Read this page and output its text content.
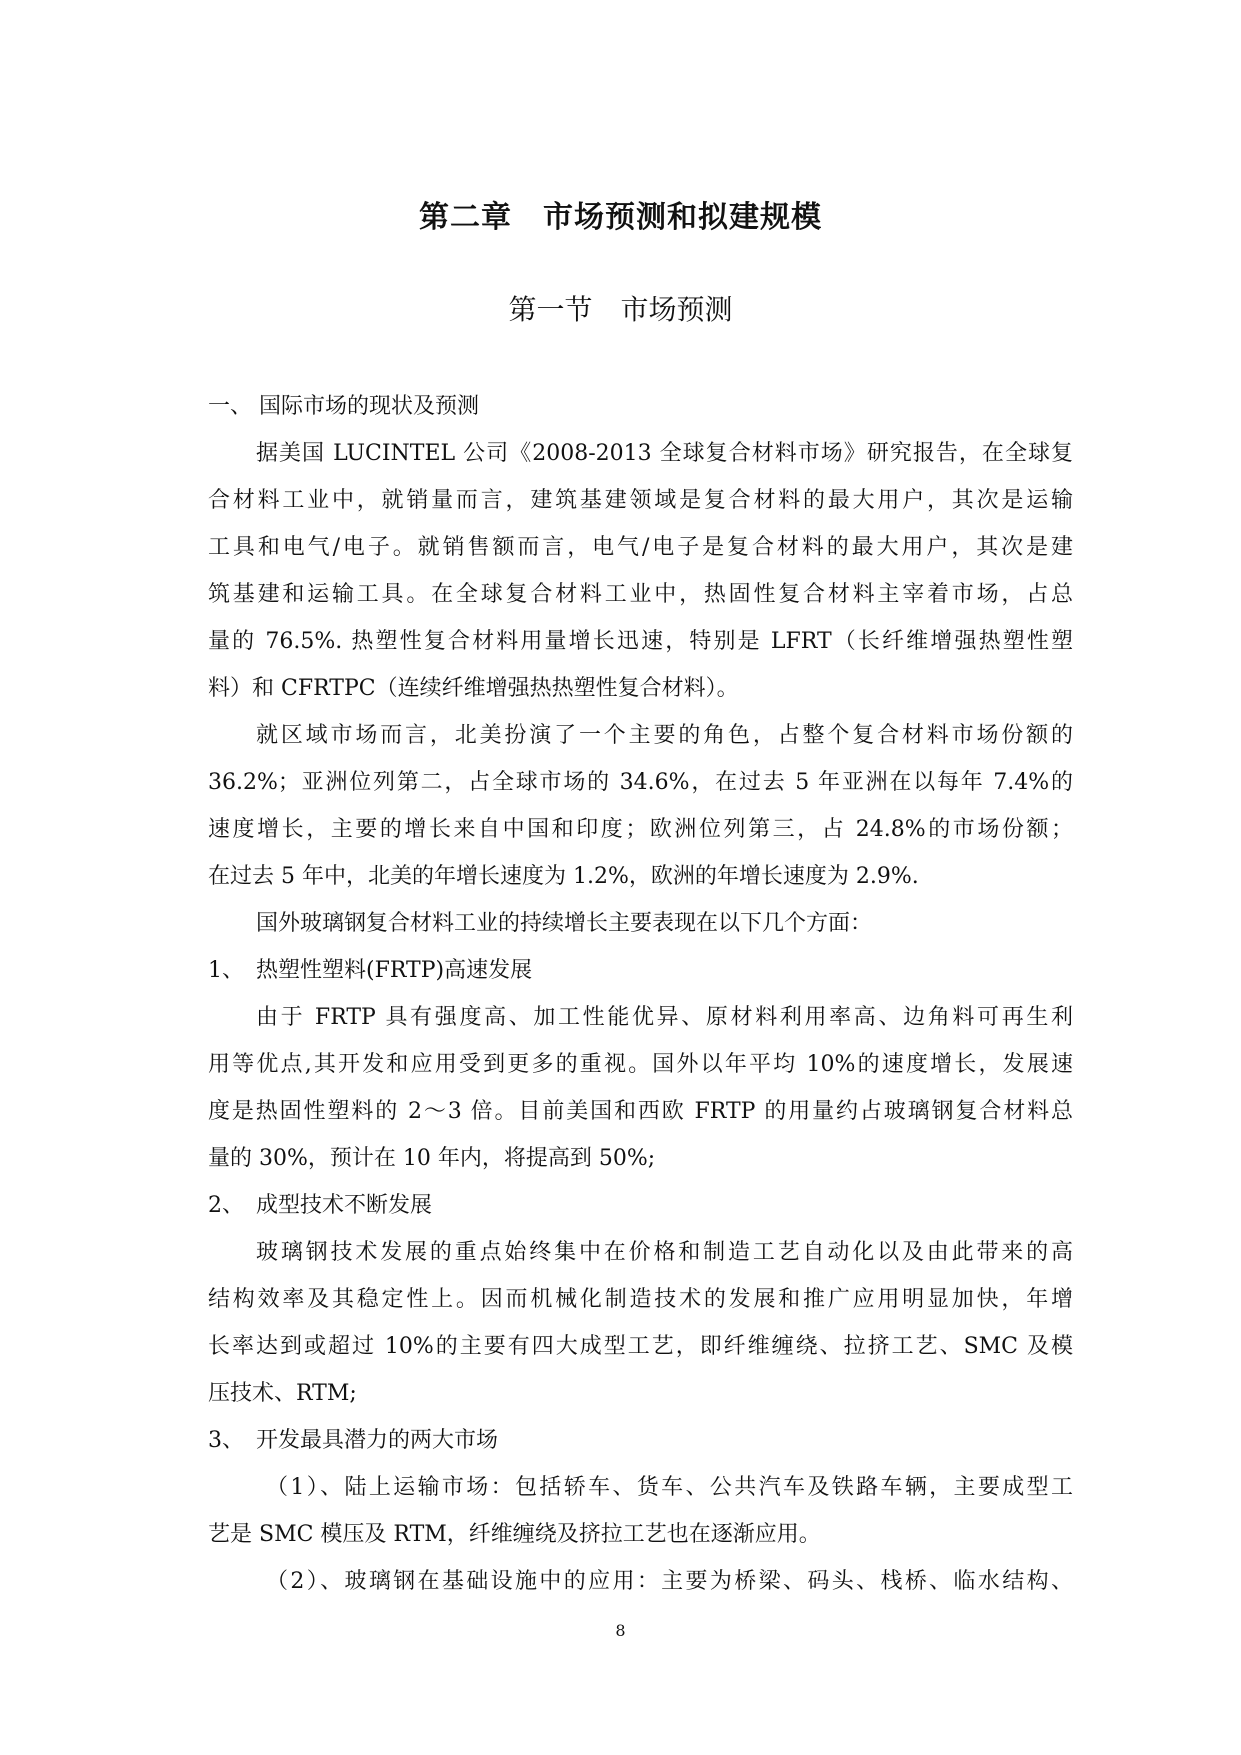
第二章　市场预测和拟建规模
第一节　市场预测
一、 国际市场的现状及预测
据美国 LUCINTEL 公司《2008-2013 全球复合材料市场》研究报告，在全球复
合材料工业中，就销量而言，建筑基建领域是复合材料的最大用户，其次是运输
工具和电气/电子。就销售额而言，电气/电子是复合材料的最大用户，其次是建
筑基建和运输工具。在全球复合材料工业中，热固性复合材料主宰着市场，占总
量的 76.5%. 热塑性复合材料用量增长迅速，特别是 LFRT（长纤维增强热塑性塑
料）和 CFRTPC（连续纤维增强热热塑性复合材料）。
就区域市场而言，北美扮演了一个主要的角色，占整个复合材料市场份额的
36.2%；亚洲位列第二，占全球市场的 34.6%，在过去 5 年亚洲在以每年 7.4%的
速度增长，主要的增长来自中国和印度；欧洲位列第三，占 24.8%的市场份额；
在过去 5 年中，北美的年增长速度为 1.2%，欧洲的年增长速度为 2.9%.
国外玻璃钢复合材料工业的持续增长主要表现在以下几个方面：
1、 热塑性塑料(FRTP)高速发展
由于 FRTP 具有强度高、加工性能优异、原材料利用率高、边角料可再生利
用等优点,其开发和应用受到更多的重视。国外以年平均 10%的速度增长，发展速
度是热固性塑料的 2～3 倍。目前美国和西欧 FRTP 的用量约占玻璃钢复合材料总
量的 30%，预计在 10 年内，将提高到 50%;
2、 成型技术不断发展
玻璃钢技术发展的重点始终集中在价格和制造工艺自动化以及由此带来的高
结构效率及其稳定性上。因而机械化制造技术的发展和推广应用明显加快，年增
长率达到或超过 10%的主要有四大成型工艺，即纤维缠绕、拉挤工艺、SMC 及模
压技术、RTM;
3、 开发最具潜力的两大市场
（1）、陆上运输市场：包括轿车、货车、公共汽车及铁路车辆，主要成型工
艺是 SMC 模压及 RTM，纤维缠绕及挤拉工艺也在逐渐应用。
（2）、玻璃钢在基础设施中的应用：主要为桥梁、码头、栈桥、临水结构、
8
